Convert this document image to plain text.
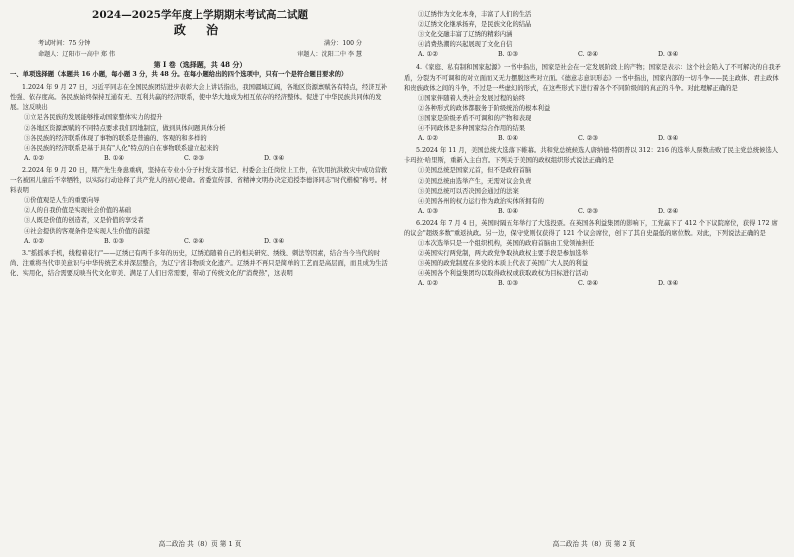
2024—2025学年度上学期期末考试高二试题

政 治

考试时间：75 分钟	满分：100 分
命题人：辽阳市一高中 郑 伟	审题人：沈阳二中 李 慧

第 I 卷（选择题，共 48 分）

一、单项选择题（本题共 16 小题，每小题 3 分，共 48 分。在每小题给出的四个选项中，只有一个是符合题目要求的）

1.2024 年 9 月 27 日，习近平同志在全国民族团结进步表彰大会上讲话指出，我国疆域辽阔，各地区资源禀赋各有特点，经济互补性强、依存度高。各民族始终保持互通有无、互利共赢的经济联系，使中华大地成为相互依存的经济整体。促进了中华民族共同体的发展。这反映出

①立足各民族的发展能够推动国家整体实力的提升

②各地区资源禀赋的不同特点要求我们因地制宜，做到具体问题具体分析

③各民族的经济联系体现了事物的联系是普遍的、客观的和多样的

④各民族的经济联系是基于具有"人化"特点的自在事物联系建立起来的

A. ①②	B. ①④	C. ②③	D. ③④

2.2024 年 9 月 20 日，期产先生身患重病，坚持在专业小分子村党支部书记、村委会主任岗位上工作，在饮用抗洪救灾中成功营救一名被困儿童后不幸牺牲，以实际行动诠释了共产党人的初心使命。省委宣传部、省精神文明办决定追授李德泽同志"时代楷模"称号。材料表明

①价值观是人生的重要向导

②人的自我价值是实现社会价值的基础

③人既是价值的创造者，又是价值的享受者

④社会提供的客观条件是实现人生价值的前提

A. ①②	B. ①③	C. ②④	D. ③④

3."摇摇承手机，线程着花行"——辽绣已有两千多年的历史，辽绣追随着自己的相关研究、绣线、刺法等因素，结合当今当代的时尚、注重将当代审美意识与中华传统艺术并深层整合，为辽宁省非物质文化遗产。辽绣并不再只是简单的工艺而是高层面，而且成为生活化、实用化，结合需要反映当代文化审美、满足了人们日常需要，带动了传统文化的"消费热"，这表明

高二政治 共（8）页 第 1 页

①辽绣作为文化本身，丰富了人们的生活

②辽绣文化继承扬弃，是民族文化的结晶

③文化交融丰富了辽绣的精彩内涵

④消费热潮的兴起展现了文化自信

A. ①②	B. ①③	C. ②④	D. ③④

4.《家庭、私有制和国家起源》一书中指出，国家是社会在一定发展阶段上的产物；国家是表示：这个社会陷入了不可解决的自我矛盾，分裂为不可调和的对立面而又无力摆脱这些对立面。《德意志意识形态》一书中指出，国家内部的一切斗争——民主政体、君主政体和贵族政体之间的斗争，不过是一些虚幻的形式，在这些形式下进行着各个不同阶级间的真正的斗争。对此理解正确的是

①国家伴随着人类社会发展过程的始终

②各种形式的政体都服务于阶级统治的根本利益

③国家是阶级矛盾不可调和的产物和表现

④不同政体是多种国家综合作用的结果

A. ①②	B. ①④	C. ②③	D. ③④

5.2024 年 11 月，美国总统大选落下帷幕。共和党总统候选人唐纳德·特朗普以 312：216 的选举人票数击败了民主党总统候选人卡玛拉·哈里斯，重新入主白宫。下列关于美国的政权组织形式说法正确的是

①美国总统是国家元首，但不是政府首脑

②美国总统由选举产生，无需对议会负责

③美国总统可以否决国会通过的法案

④美国各州的权力运行作为政治实体所拥有的

A. ①③	B. ①④	C. ②③	D. ②④

6.2024 年 7 月 4 日，英国时隔五年举行了大选投票。在英国各利益集团的影响下，工党赢下了 412 个下议院席位，获得 172 席的议会"超级多数"重返执政。另一边，保守党则仅获得了 121 个议会席位，创下了其自史最低的席位数。对此，下列说法正确的是

①本次选举只是一个组织机构，英国的政府首脑由工党领袖担任

②英国实行两党制，两大政党争取执政权主要手段是参加选举

③英国的政党制度在多党的本质上代表了英国广大人民的利益

④英国各个利益集团均以取得政权或获取政权为目标进行活动

A. ①②	B. ①③	C. ②④	D. ③④

高二政治 共（8）页 第 2 页
